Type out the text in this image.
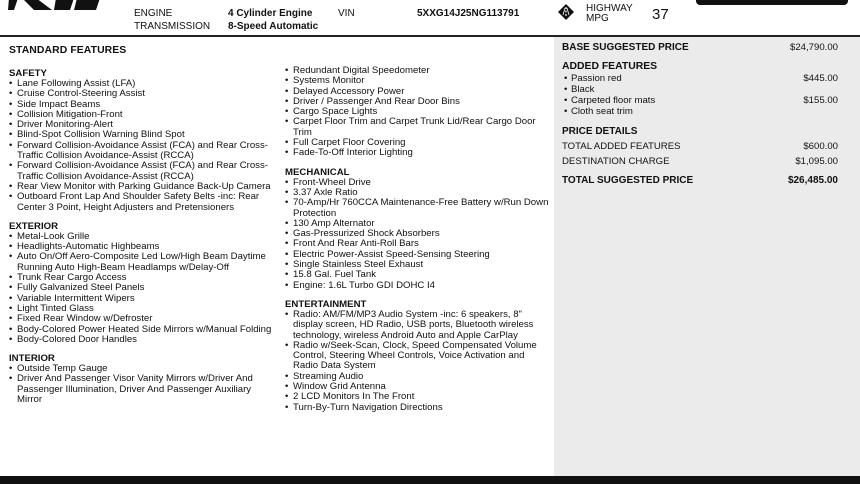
ENGINE	4 Cylinder Engine	VIN	5XXG14J25NG113791
TRANSMISSION 8-Speed Automatic
HIGHWAY
MPG	37
STANDARD FEATURES
SAFETY
• Lane Following Assist (LFA)
• Cruise Control-Steering Assist
• Side Impact Beams
• Collision Mitigation-Front
• Driver Monitoring-Alert
• Blind-Spot Collision Warning Blind Spot
• Forward Collision-Avoidance Assist (FCA) and Rear Cross-Traffic Collision Avoidance-Assist (RCCA)
• Forward Collision-Avoidance Assist (FCA) and Rear Cross-Traffic Collision Avoidance-Assist (RCCA)
• Rear View Monitor with Parking Guidance Back-Up Camera
• Outboard Front Lap And Shoulder Safety Belts -inc: Rear Center 3 Point, Height Adjusters and Pretensioners
EXTERIOR
• Metal-Look Grille
• Headlights-Automatic Highbeams
• Auto On/Off Aero-Composite Led Low/High Beam Daytime Running Auto High-Beam Headlamps w/Delay-Off
• Trunk Rear Cargo Access
• Fully Galvanized Steel Panels
• Variable Intermittent Wipers
• Light Tinted Glass
• Fixed Rear Window w/Defroster
• Body-Colored Power Heated Side Mirrors w/Manual Folding
• Body-Colored Door Handles
INTERIOR
• Outside Temp Gauge
• Driver And Passenger Visor Vanity Mirrors w/Driver And Passenger Illumination, Driver And Passenger Auxiliary Mirror
• Redundant Digital Speedometer
• Systems Monitor
• Delayed Accessory Power
• Driver / Passenger And Rear Door Bins
• Cargo Space Lights
• Carpet Floor Trim and Carpet Trunk Lid/Rear Cargo Door Trim
• Full Carpet Floor Covering
• Fade-To-Off Interior Lighting
MECHANICAL
• Front-Wheel Drive
• 3.37 Axle Ratio
• 70-Amp/Hr 760CCA Maintenance-Free Battery w/Run Down Protection
• 130 Amp Alternator
• Gas-Pressurized Shock Absorbers
• Front And Rear Anti-Roll Bars
• Electric Power-Assist Speed-Sensing Steering
• Single Stainless Steel Exhaust
• 15.8 Gal. Fuel Tank
• Engine: 1.6L Turbo GDI DOHC I4
ENTERTAINMENT
• Radio: AM/FM/MP3 Audio System -inc: 6 speakers, 8" display screen, HD Radio, USB ports, Bluetooth wireless technology, wireless Android Auto and Apple CarPlay
• Radio w/Seek-Scan, Clock, Speed Compensated Volume Control, Steering Wheel Controls, Voice Activation and Radio Data System
• Streaming Audio
• Window Grid Antenna
• 2 LCD Monitors In The Front
• Turn-By-Turn Navigation Directions
BASE SUGGESTED PRICE	$24,790.00
ADDED FEATURES
• Passion red	$445.00
• Black
• Carpeted floor mats	$155.00
• Cloth seat trim
PRICE DETAILS
TOTAL ADDED FEATURES	$600.00
DESTINATION CHARGE	$1,095.00
TOTAL SUGGESTED PRICE	$26,485.00
